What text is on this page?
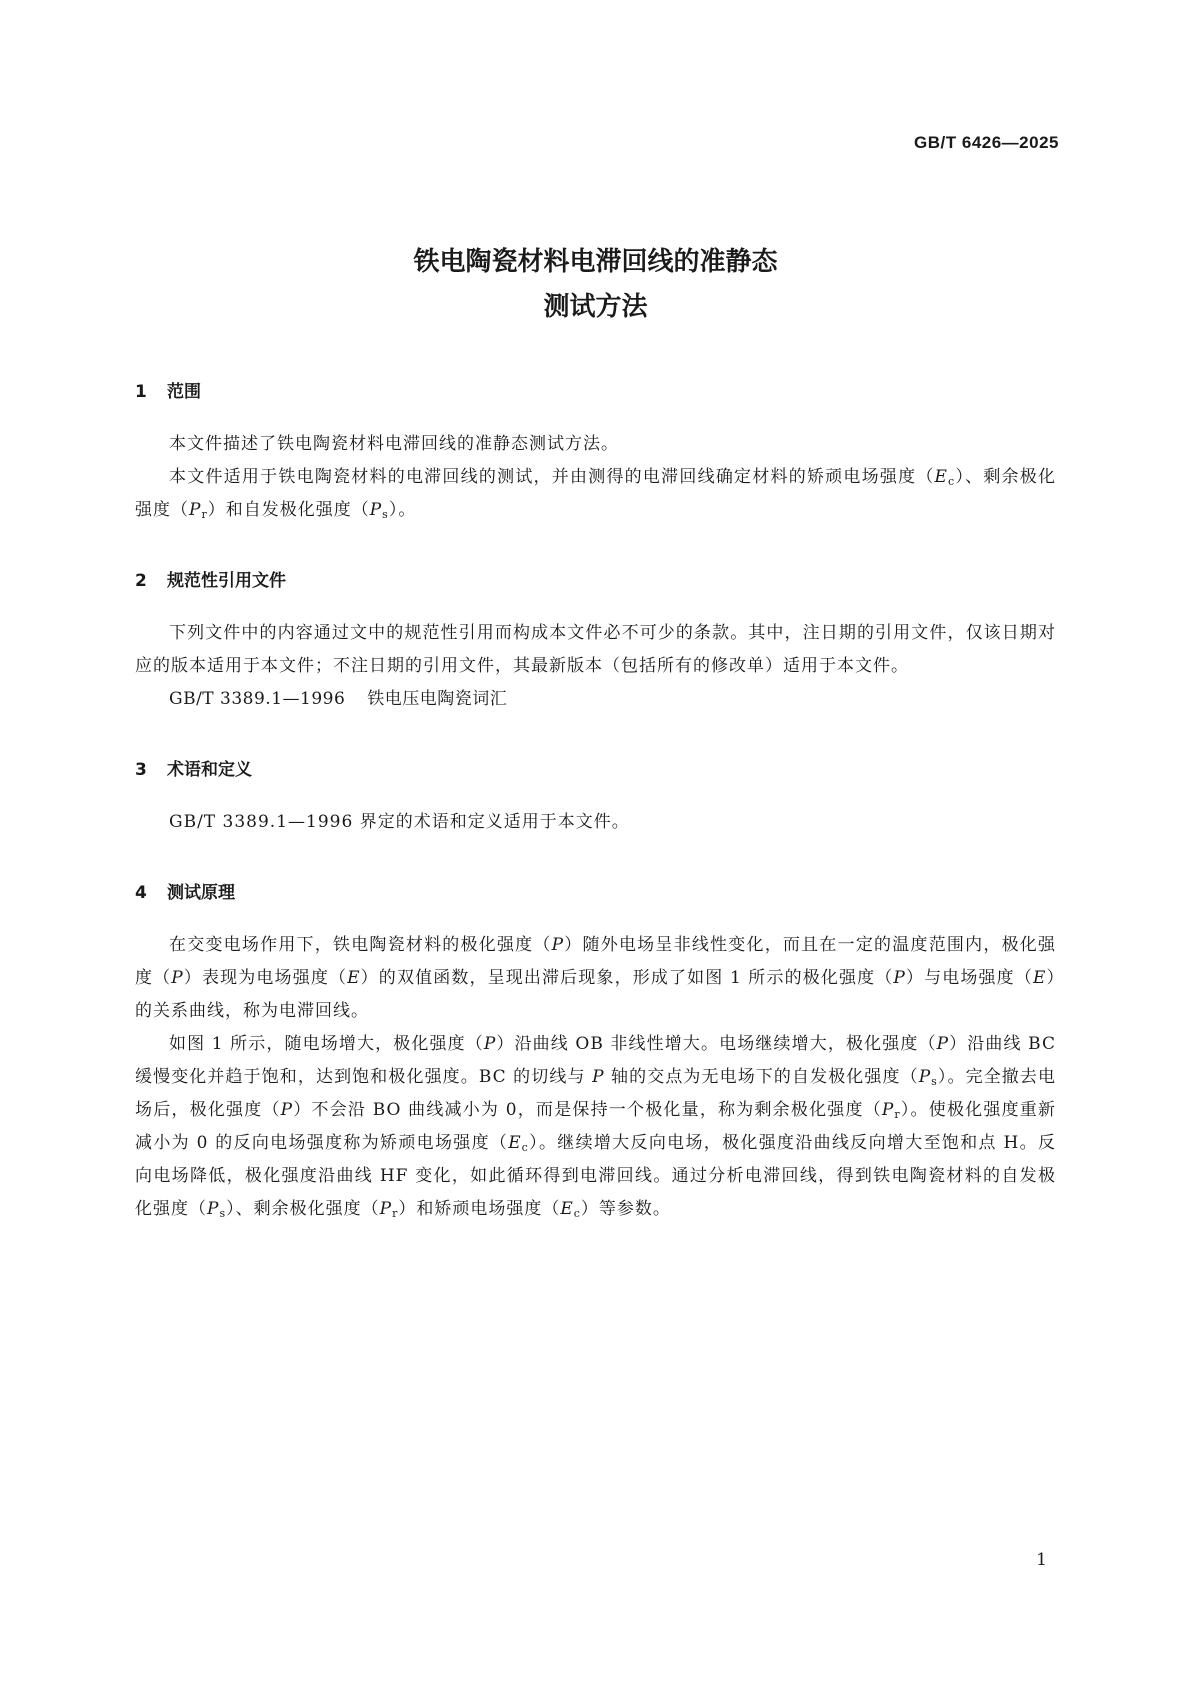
GB/T 6426—2025
铁电陶瓷材料电滞回线的准静态
测试方法
1 范围

本文件描述了铁电陶瓷材料电滞回线的准静态测试方法。

本文件适用于铁电陶瓷材料的电滞回线的测试，并由测得的电滞回线确定材料的矫顽电场强度$(E_c)$、剩余极化强度$(P_r)$和自发极化强度$(P_s)$。

2 规范性引用文件

下列文件中的内容通过文中的规范性引用而构成本文件必不可少的条款。其中，注日期的引用文件，仅该日期对应的版本适用于本文件；不注日期的引用文件，其最新版本（包括所有的修改单）适用于本文件。

GB/T 3389.1—1996 铁电压电陶瓷词汇

3 术语和定义

GB/T 3389.1—1996 界定的术语和定义适用于本文件。

4 测试原理

在交变电场作用下，铁电陶瓷材料的极化强度（P）随外电场呈非线性变化，而且在一定的温度范围内，极化强度（P）表现为电场强度（E）的双值函数，呈现出滞后现象，形成了如图 1 所示的极化强度（P）与电场强度（E）的关系曲线，称为电滞回线。

如图 1 所示，随电场增大，极化强度（P）沿曲线 OB 非线性增大。电场继续增大，极化强度（P）沿曲线 BC 缓慢变化并趋于饱和，达到饱和极化强度。BC 的切线与 P 轴的交点为无电场下的自发极化强度$(P_s)$。完全撤去电场后，极化强度（P）不会沿 BO 曲线减小为 0，而是保持一个极化量，称为剩余极化强度$(P_r)$。使极化强度重新减小为 0 的反向电场强度称为矫顽电场强度$(E_c)$。继续增大反向电场，极化强度沿曲线反向增大至饱和点 H。反向电场降低，极化强度沿曲线 HF 变化，如此循环得到电滞回线。通过分析电滞回线，得到铁电陶瓷材料的自发极化强度$(P_s)$、剩余极化强度$(P_r)$和矫顽电场强度$(E_c)$等参数。

1
